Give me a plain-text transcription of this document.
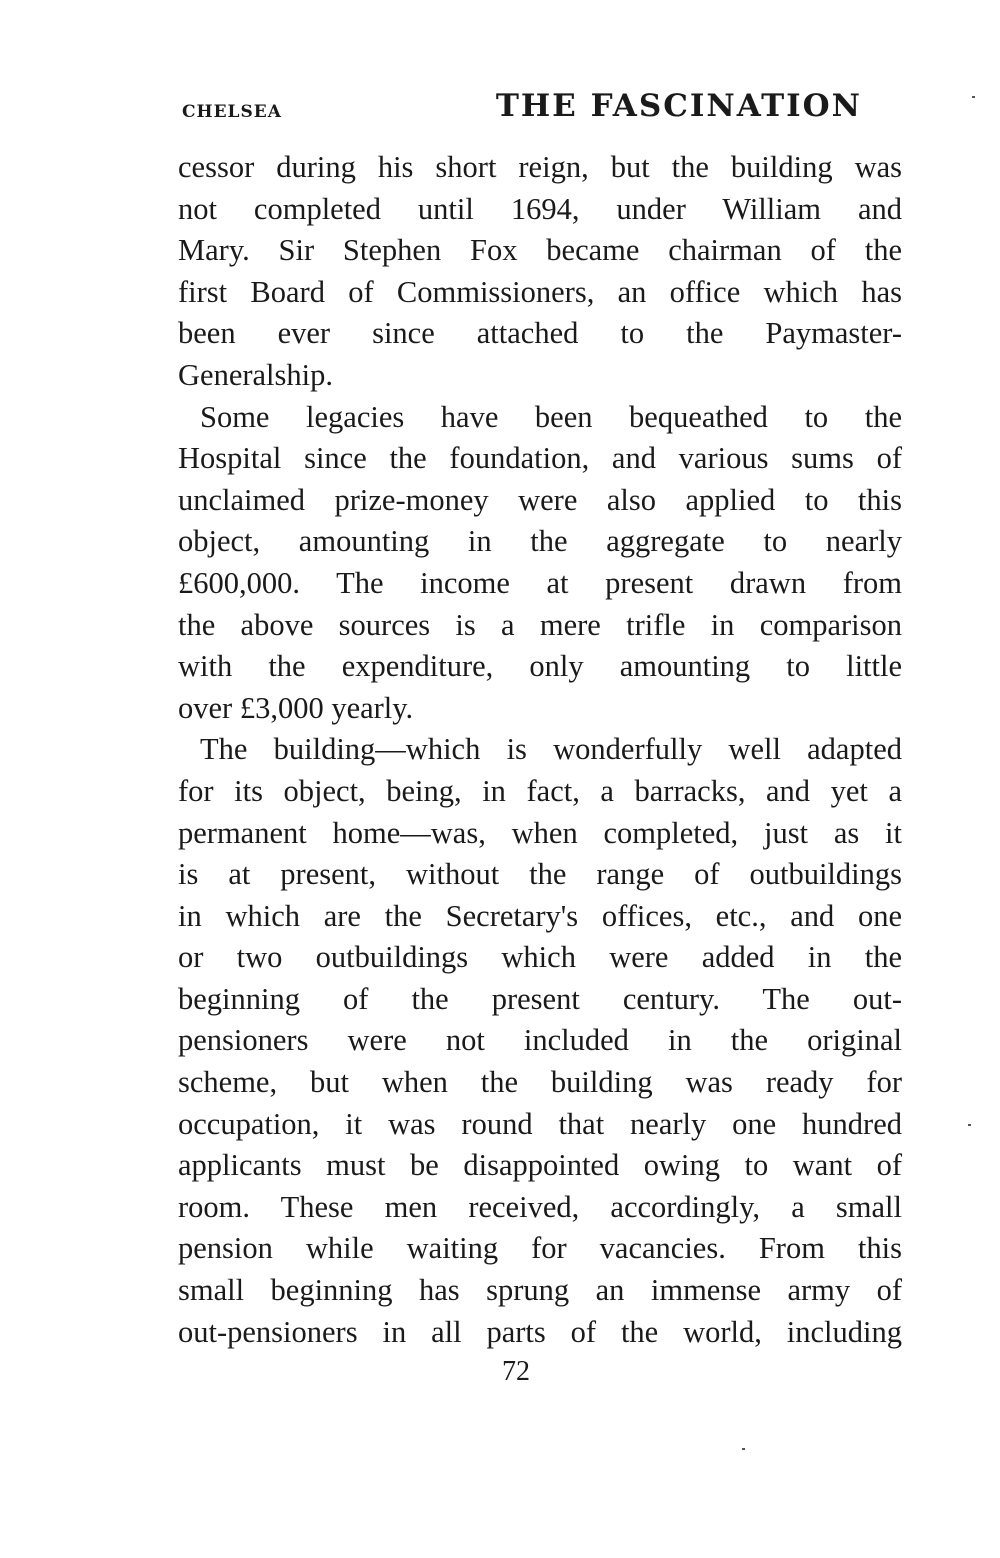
CHELSEA	THE FASCINATION

cessor during his short reign, but the building was
not completed until 1694, under William and
Mary. Sir Stephen Fox became chairman of the
first Board of Commissioners, an office which has
been ever since attached to the Paymaster-
Generalship.

Some legacies have been bequeathed to the
Hospital since the foundation, and various sums of
unclaimed prize-money were also applied to this
object, amounting in the aggregate to nearly
£600,000. The income at present drawn from
the above sources is a mere trifle in comparison
with the expenditure, only amounting to little
over £3,000 yearly.

The building—which is wonderfully well adapted
for its object, being, in fact, a barracks, and yet a
permanent home—was, when completed, just as it
is at present, without the range of outbuildings
in which are the Secretary's offices, etc., and one
or two outbuildings which were added in the
beginning of the present century. The out-
pensioners were not included in the original
scheme, but when the building was ready for
occupation, it was round that nearly one hundred
applicants must be disappointed owing to want of
room. These men received, accordingly, a small
pension while waiting for vacancies. From this
small beginning has sprung an immense army of
out-pensioners in all parts of the world, including

72
